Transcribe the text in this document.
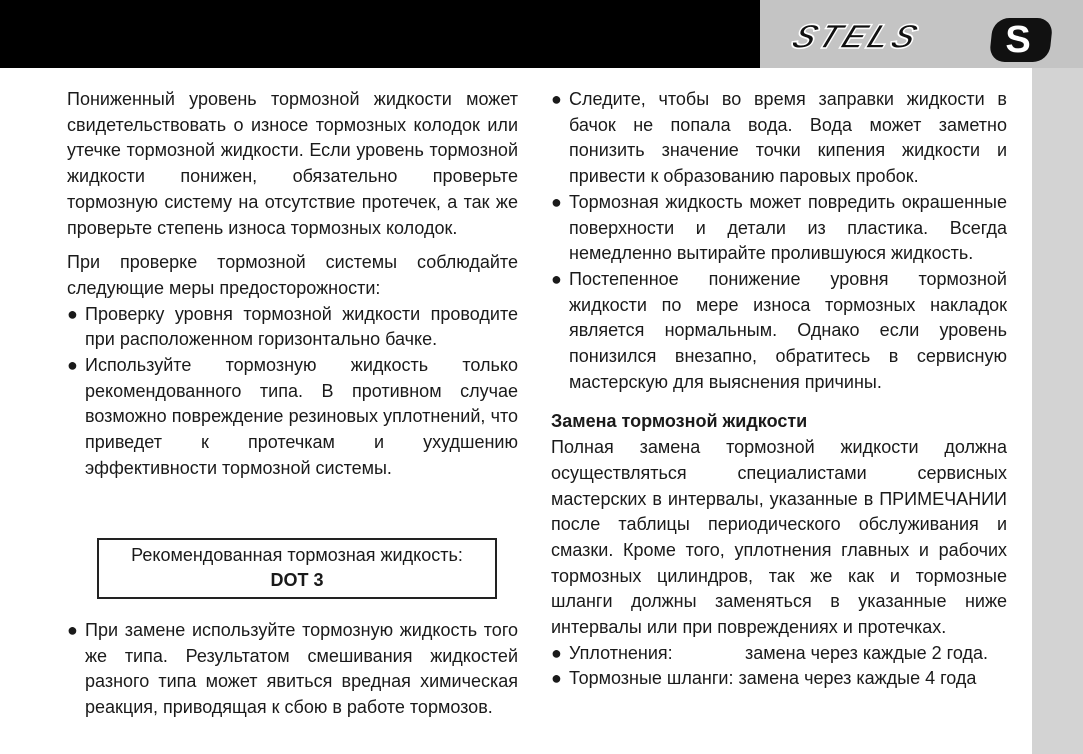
STELS S

Пониженный уровень тормозной жидкости может свидетельствовать о износе тормозных колодок или утечке тормозной жидкости. Если уровень тормозной жидкости понижен, обязательно проверьте тормозную систему на отсутствие протечек, а так же проверьте степень износа тормозных колодок.

При проверке тормозной системы соблюдайте следующие меры предосторожности:

● Проверку уровня тормозной жидкости проводите при расположенном горизонтально бачке.

● Используйте тормозную жидкость только рекомендованного типа. В противном случае возможно повреждение резиновых уплотнений, что приведет к протечкам и ухудшению эффективности тормозной системы.

Рекомендованная тормозная жидкость:
DOT 3

● При замене используйте тормозную жидкость того же типа. Результатом смешивания жидкостей разного типа может явиться вредная химическая реакция, приводящая к сбою в работе тормозов.

● Следите, чтобы во время заправки жидкости в бачок не попала вода. Вода может заметно понизить значение точки кипения жидкости и привести к образованию паровых пробок.

● Тормозная жидкость может повредить окрашенные поверхности и детали из пластика. Всегда немедленно вытирайте пролившуюся жидкость.

● Постепенное понижение уровня тормозной жидкости по мере износа тормозных накладок является нормальным. Однако если уровень понизился внезапно, обратитесь в сервисную мастерскую для выяснения причины.

Замена тормозной жидкости

Полная замена тормозной жидкости должна осуществляться специалистами сервисных мастерских в интервалы, указанные в ПРИМЕЧАНИИ после таблицы периодического обслуживания и смазки. Кроме того, уплотнения главных и рабочих тормозных цилиндров, так же как и тормозные шланги должны заменяться в указанные ниже интервалы или при повреждениях и протечках.

● Уплотнения:	замена через каждые 2 года.

● Тормозные шланги: замена через каждые 4 года
